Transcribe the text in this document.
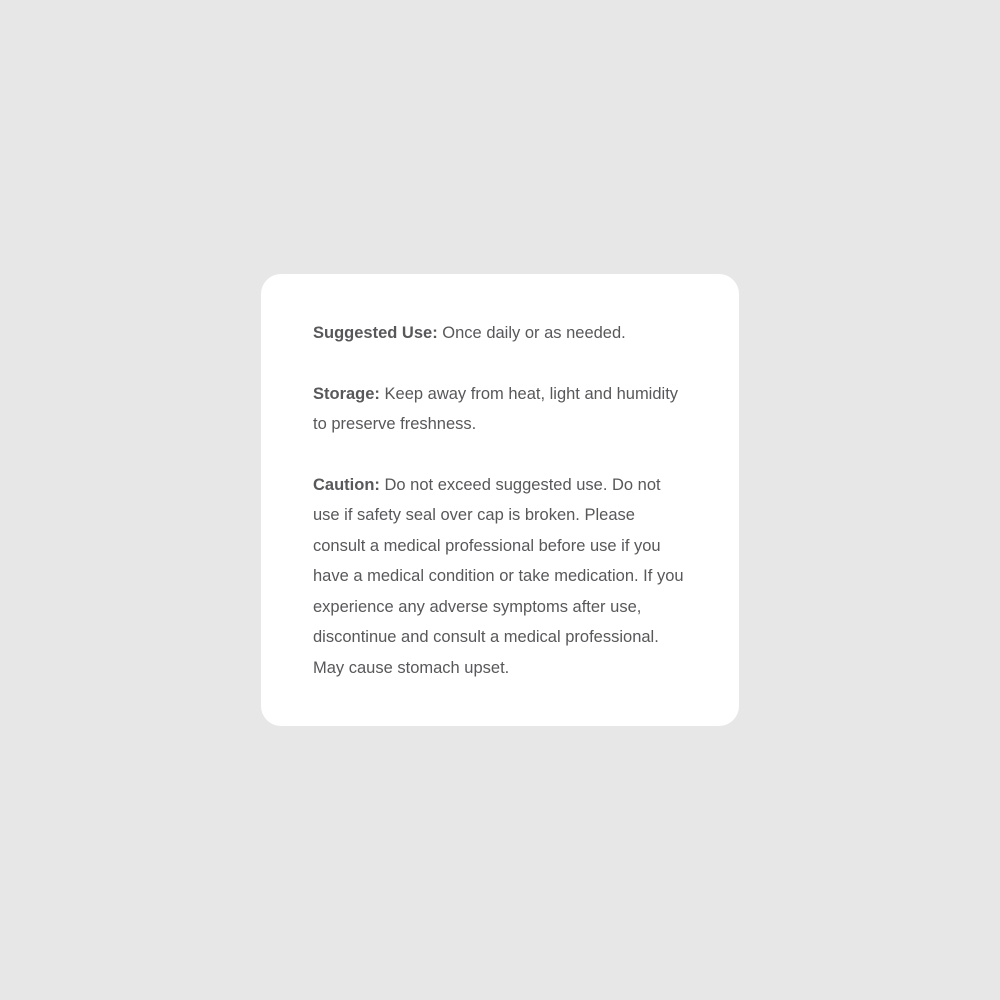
Suggested Use: Once daily or as needed.

Storage: Keep away from heat, light and humidity to preserve freshness.

Caution: Do not exceed suggested use. Do not use if safety seal over cap is broken. Please consult a medical professional before use if you have a medical condition or take medication. If you experience any adverse symptoms after use, discontinue and consult a medical professional. May cause stomach upset.
